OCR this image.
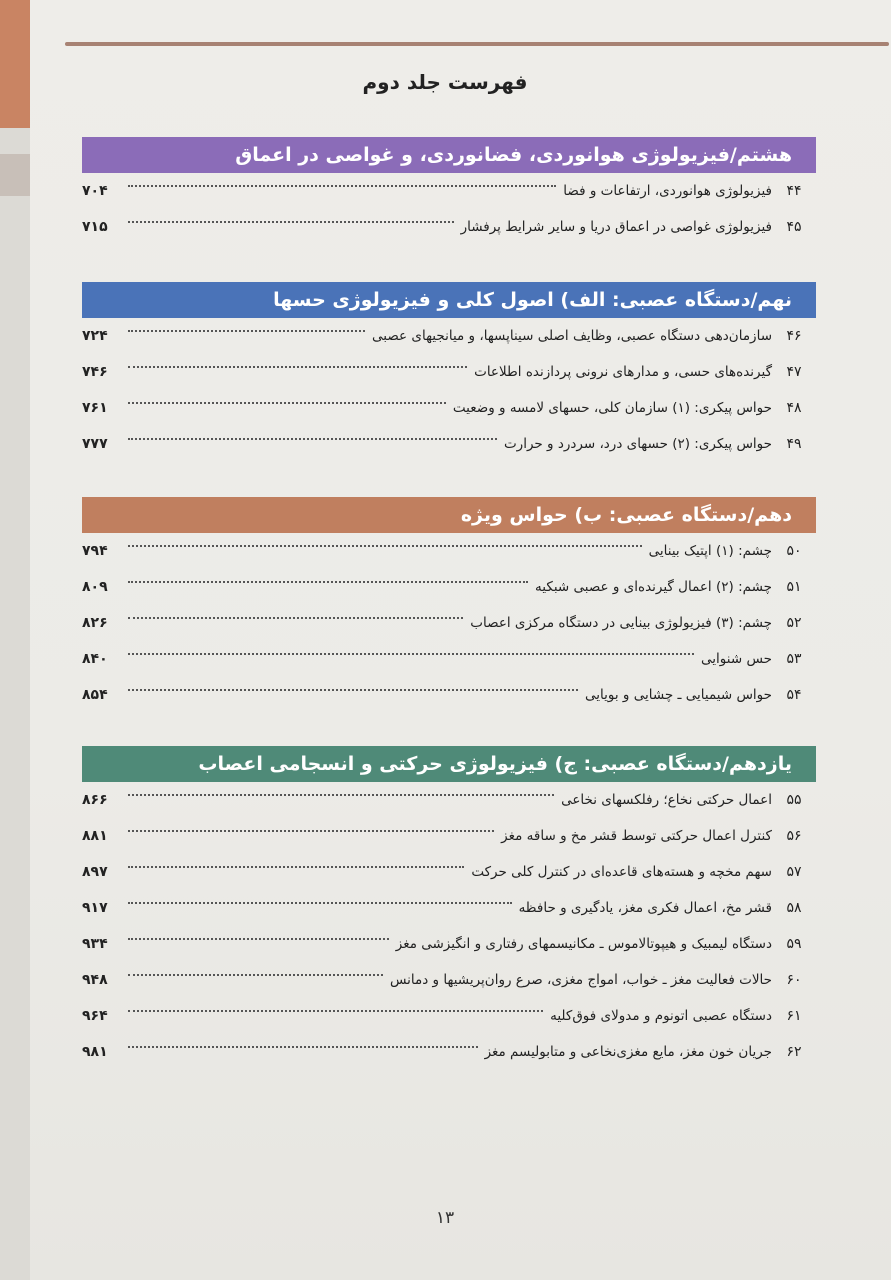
فهرست جلد دوم
هشتم/فیزیولوژی هوانوردی، فضانوردی، و غواصی در اعماق
۴۴
فیزیولوژی هوانوردی، ارتفاعات و فضا
۷۰۴
۴۵
فیزیولوژی غواصی در اعماق دریا و سایر شرایط پرفشار
۷۱۵
نهم/دستگاه عصبی: الف) اصول کلی و فیزیولوژی حسها
۴۶
سازمان‌دهی دستگاه عصبی، وظایف اصلی سیناپسها، و میانجیهای عصبی
۷۲۴
۴۷
گیرنده‌های حسی، و مدارهای نرونی پردازنده اطلاعات
۷۴۶
۴۸
حواس پیکری: (۱) سازمان کلی، حسهای لامسه و وضعیت
۷۶۱
۴۹
حواس پیکری: (۲) حسهای درد، سردرد و حرارت
۷۷۷
دهم/دستگاه عصبی: ب) حواس ویژه
۵۰
چشم: (۱) اپتیک بینایی
۷۹۴
۵۱
چشم: (۲) اعمال گیرنده‌ای و عصبی شبکیه
۸۰۹
۵۲
چشم: (۳) فیزیولوژی بینایی در دستگاه مرکزی اعصاب
۸۲۶
۵۳
حس شنوایی
۸۴۰
۵۴
حواس شیمیایی ـ چشایی و بویایی
۸۵۴
یازدهم/دستگاه عصبی: ج) فیزیولوژی حرکتی و انسجامی اعصاب
۵۵
اعمال حرکتی نخاع؛ رفلکسهای نخاعی
۸۶۶
۵۶
کنترل اعمال حرکتی توسط قشر مخ و ساقه مغز
۸۸۱
۵۷
سهم مخچه و هسته‌های قاعده‌ای در کنترل کلی حرکت
۸۹۷
۵۸
قشر مخ، اعمال فکری مغز، یادگیری و حافظه
۹۱۷
۵۹
دستگاه لیمبیک و هیپوتالاموس ـ مکانیسمهای رفتاری و انگیزشی مغز
۹۳۴
۶۰
حالات فعالیت مغز ـ خواب، امواج مغزی، صرع روان‌پریشیها و دمانس
۹۴۸
۶۱
دستگاه عصبی اتونوم و مدولای فوق‌کلیه
۹۶۴
۶۲
جریان خون مغز، مایع مغزی‌نخاعی و متابولیسم مغز
۹۸۱
۱۳
